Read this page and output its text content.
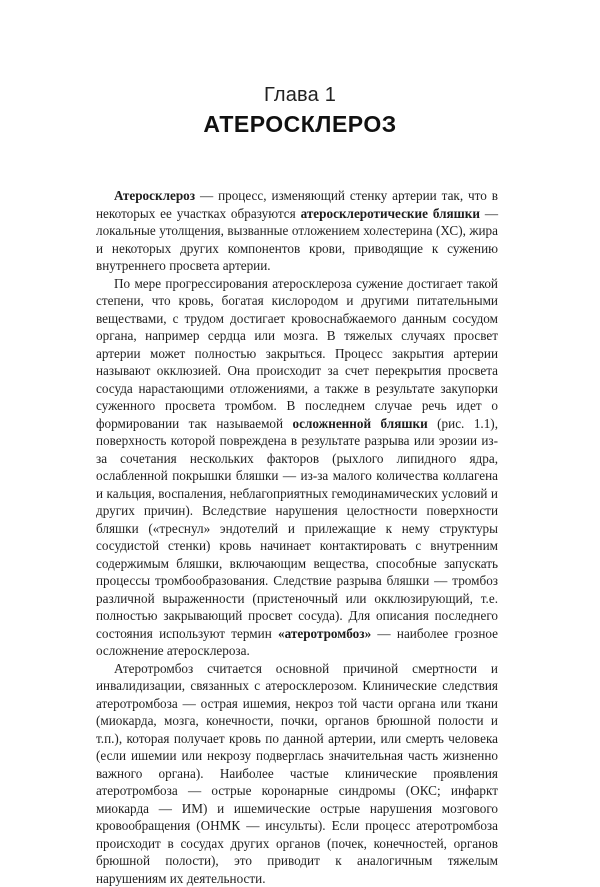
Глава 1
АТЕРОСКЛЕРОЗ

Атеросклероз — процесс, изменяющий стенку артерии так, что в некоторых ее участках образуются атеросклеротические бляшки — локальные утолщения, вызванные отложением холестерина (ХС), жира и некоторых других компонентов крови, приводящие к сужению внутреннего просвета артерии.

По мере прогрессирования атеросклероза сужение достигает такой степени, что кровь, богатая кислородом и другими питательными веществами, с трудом достигает кровоснабжаемого данным сосудом органа, например сердца или мозга. В тяжелых случаях просвет артерии может полностью закрыться. Процесс закрытия артерии называют окклюзией. Она происходит за счет перекрытия просвета сосуда нарастающими отложениями, а также в результате закупорки суженного просвета тромбом. В последнем случае речь идет о формировании так называемой осложненной бляшки (рис. 1.1), поверхность которой повреждена в результате разрыва или эрозии из-за сочетания нескольких факторов (рыхлого липидного ядра, ослабленной покрышки бляшки — из-за малого количества коллагена и кальция, воспаления, неблагоприятных гемодинамических условий и других причин). Вследствие нарушения целостности поверхности бляшки («треснул» эндотелий и прилежащие к нему структуры сосудистой стенки) кровь начинает контактировать с внутренним содержимым бляшки, включающим вещества, способные запускать процессы тромбообразования. Следствие разрыва бляшки — тромбоз различной выраженности (пристеночный или окклюзирующий, т.е. полностью закрывающий просвет сосуда). Для описания последнего состояния используют термин «атеротромбоз» — наиболее грозное осложнение атеросклероза.

Атеротромбоз считается основной причиной смертности и инвалидизации, связанных с атеросклерозом. Клинические следствия атеротромбоза — острая ишемия, некроз той части органа или ткани (миокарда, мозга, конечности, почки, органов брюшной полости и т.п.), которая получает кровь по данной артерии, или смерть человека (если ишемии или некрозу подверглась значительная часть жизненно важного органа). Наиболее частые клинические проявления атеротромбоза — острые коронарные синдромы (ОКС; инфаркт миокарда — ИМ) и ишемические острые нарушения мозгового кровообращения (ОНМК — инсульты). Если процесс атеротромбоза происходит в сосудах других органов (почек, конечностей, органов брюшной полости), это приводит к аналогичным тяжелым нарушениям их деятельности.
